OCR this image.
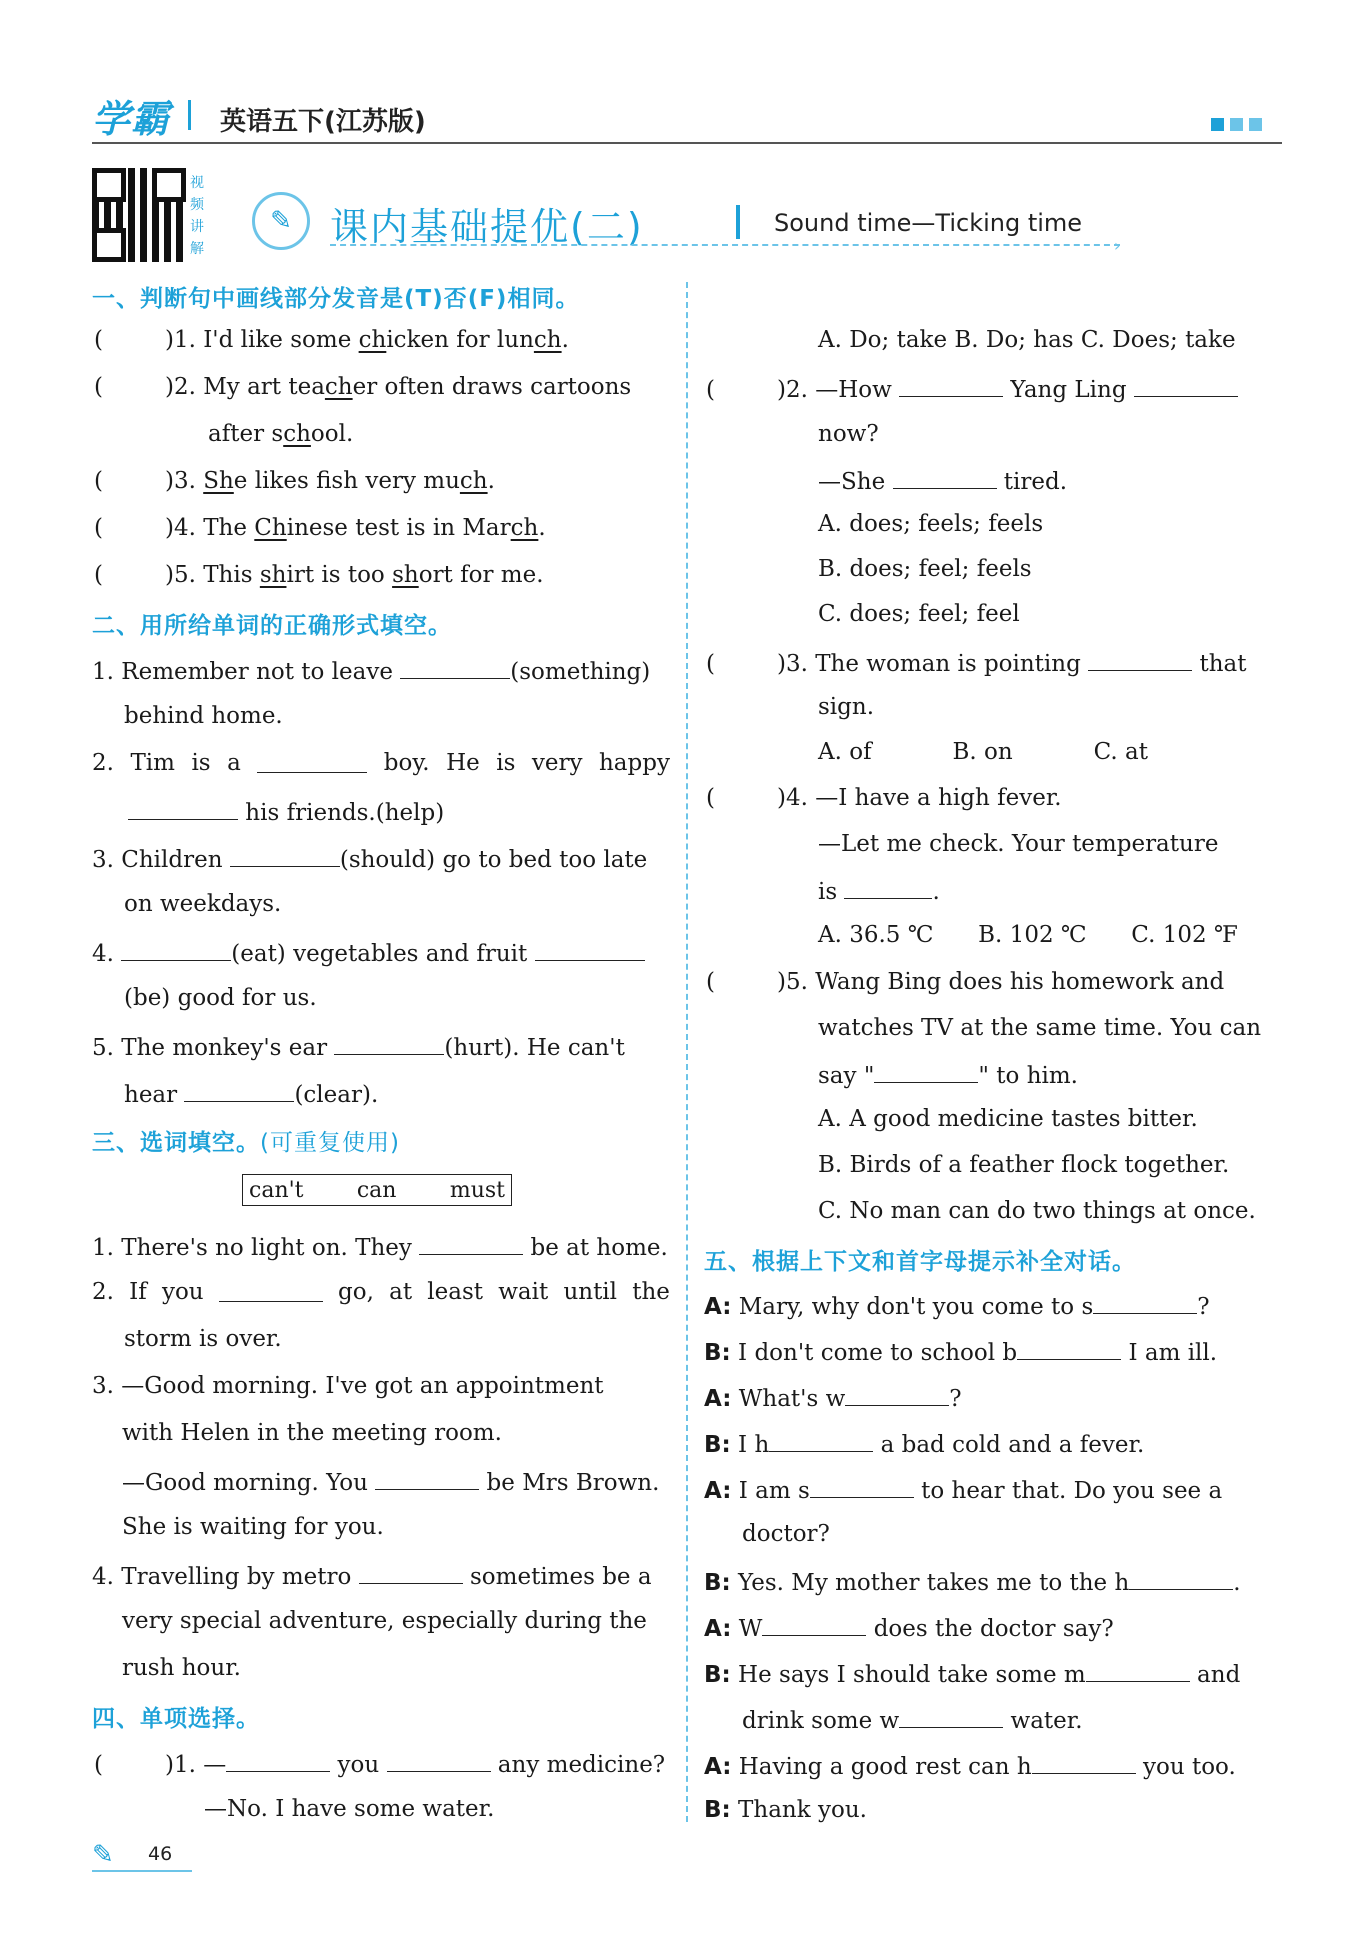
学霸 英语五下(江苏版)
视频讲解
✎	课内基础提优(二)	Sound time—Ticking time
›
一、判断句中画线部分发音是(T)否(F)相同。
(	)1. I'd like some chicken for lunch.
(	)2. My art teacher often draws cartoons
after school.
(	)3. She likes fish very much.
(	)4. The Chinese test is in March.
(	)5. This shirt is too short for me.
二、用所给单词的正确形式填空。
1. Remember not to leave	(something)
behind home.
2. Tim is a	boy. He is very happy
his friends.(help)
3. Children	(should) go to bed too late
on weekdays.
4.	(eat) vegetables and fruit
(be) good for us.
5. The monkey's ear	(hurt). He can't
hear	(clear).
三、选词填空。(可重复使用)
can't can must
1. There's no light on. They	be at home.
2. If you	go, at least wait until the
storm is over.
3. —Good morning. I've got an appointment
with Helen in the meeting room.
—Good morning. You	be Mrs Brown.
She is waiting for you.
4. Travelling by metro	sometimes be a
very special adventure, especially during the
rush hour.
四、单项选择。
(	)1. —	you	any medicine?
—No. I have some water.
A. Do; take B. Do; has C. Does; take
(	)2. —How	Yang Ling
now?
—She	tired.
A. does; feels; feels
B. does; feel; feels
C. does; feel; feel
(	)3. The woman is pointing	that
sign.
A. of	B. on	C. at
(	)4. —I have a high fever.
—Let me check. Your temperature
is	.
A. 36.5 ℃ B. 102 ℃ C. 102 ℉
(	)5. Wang Bing does his homework and
watches TV at the same time. You can
say "	" to him.
A. A good medicine tastes bitter.
B. Birds of a feather flock together.
C. No man can do two things at once.
五、根据上下文和首字母提示补全对话。
A: Mary, why don't you come to s	?
B: I don't come to school b	I am ill.
A: What's w	?
B: I h	a bad cold and a fever.
A: I am s	to hear that. Do you see a
doctor?
B: Yes. My mother takes me to the h	.
A: W	does the doctor say?
B: He says I should take some m	and
drink some w	water.
A: Having a good rest can h	you too.
B: Thank you.
✎ 46
